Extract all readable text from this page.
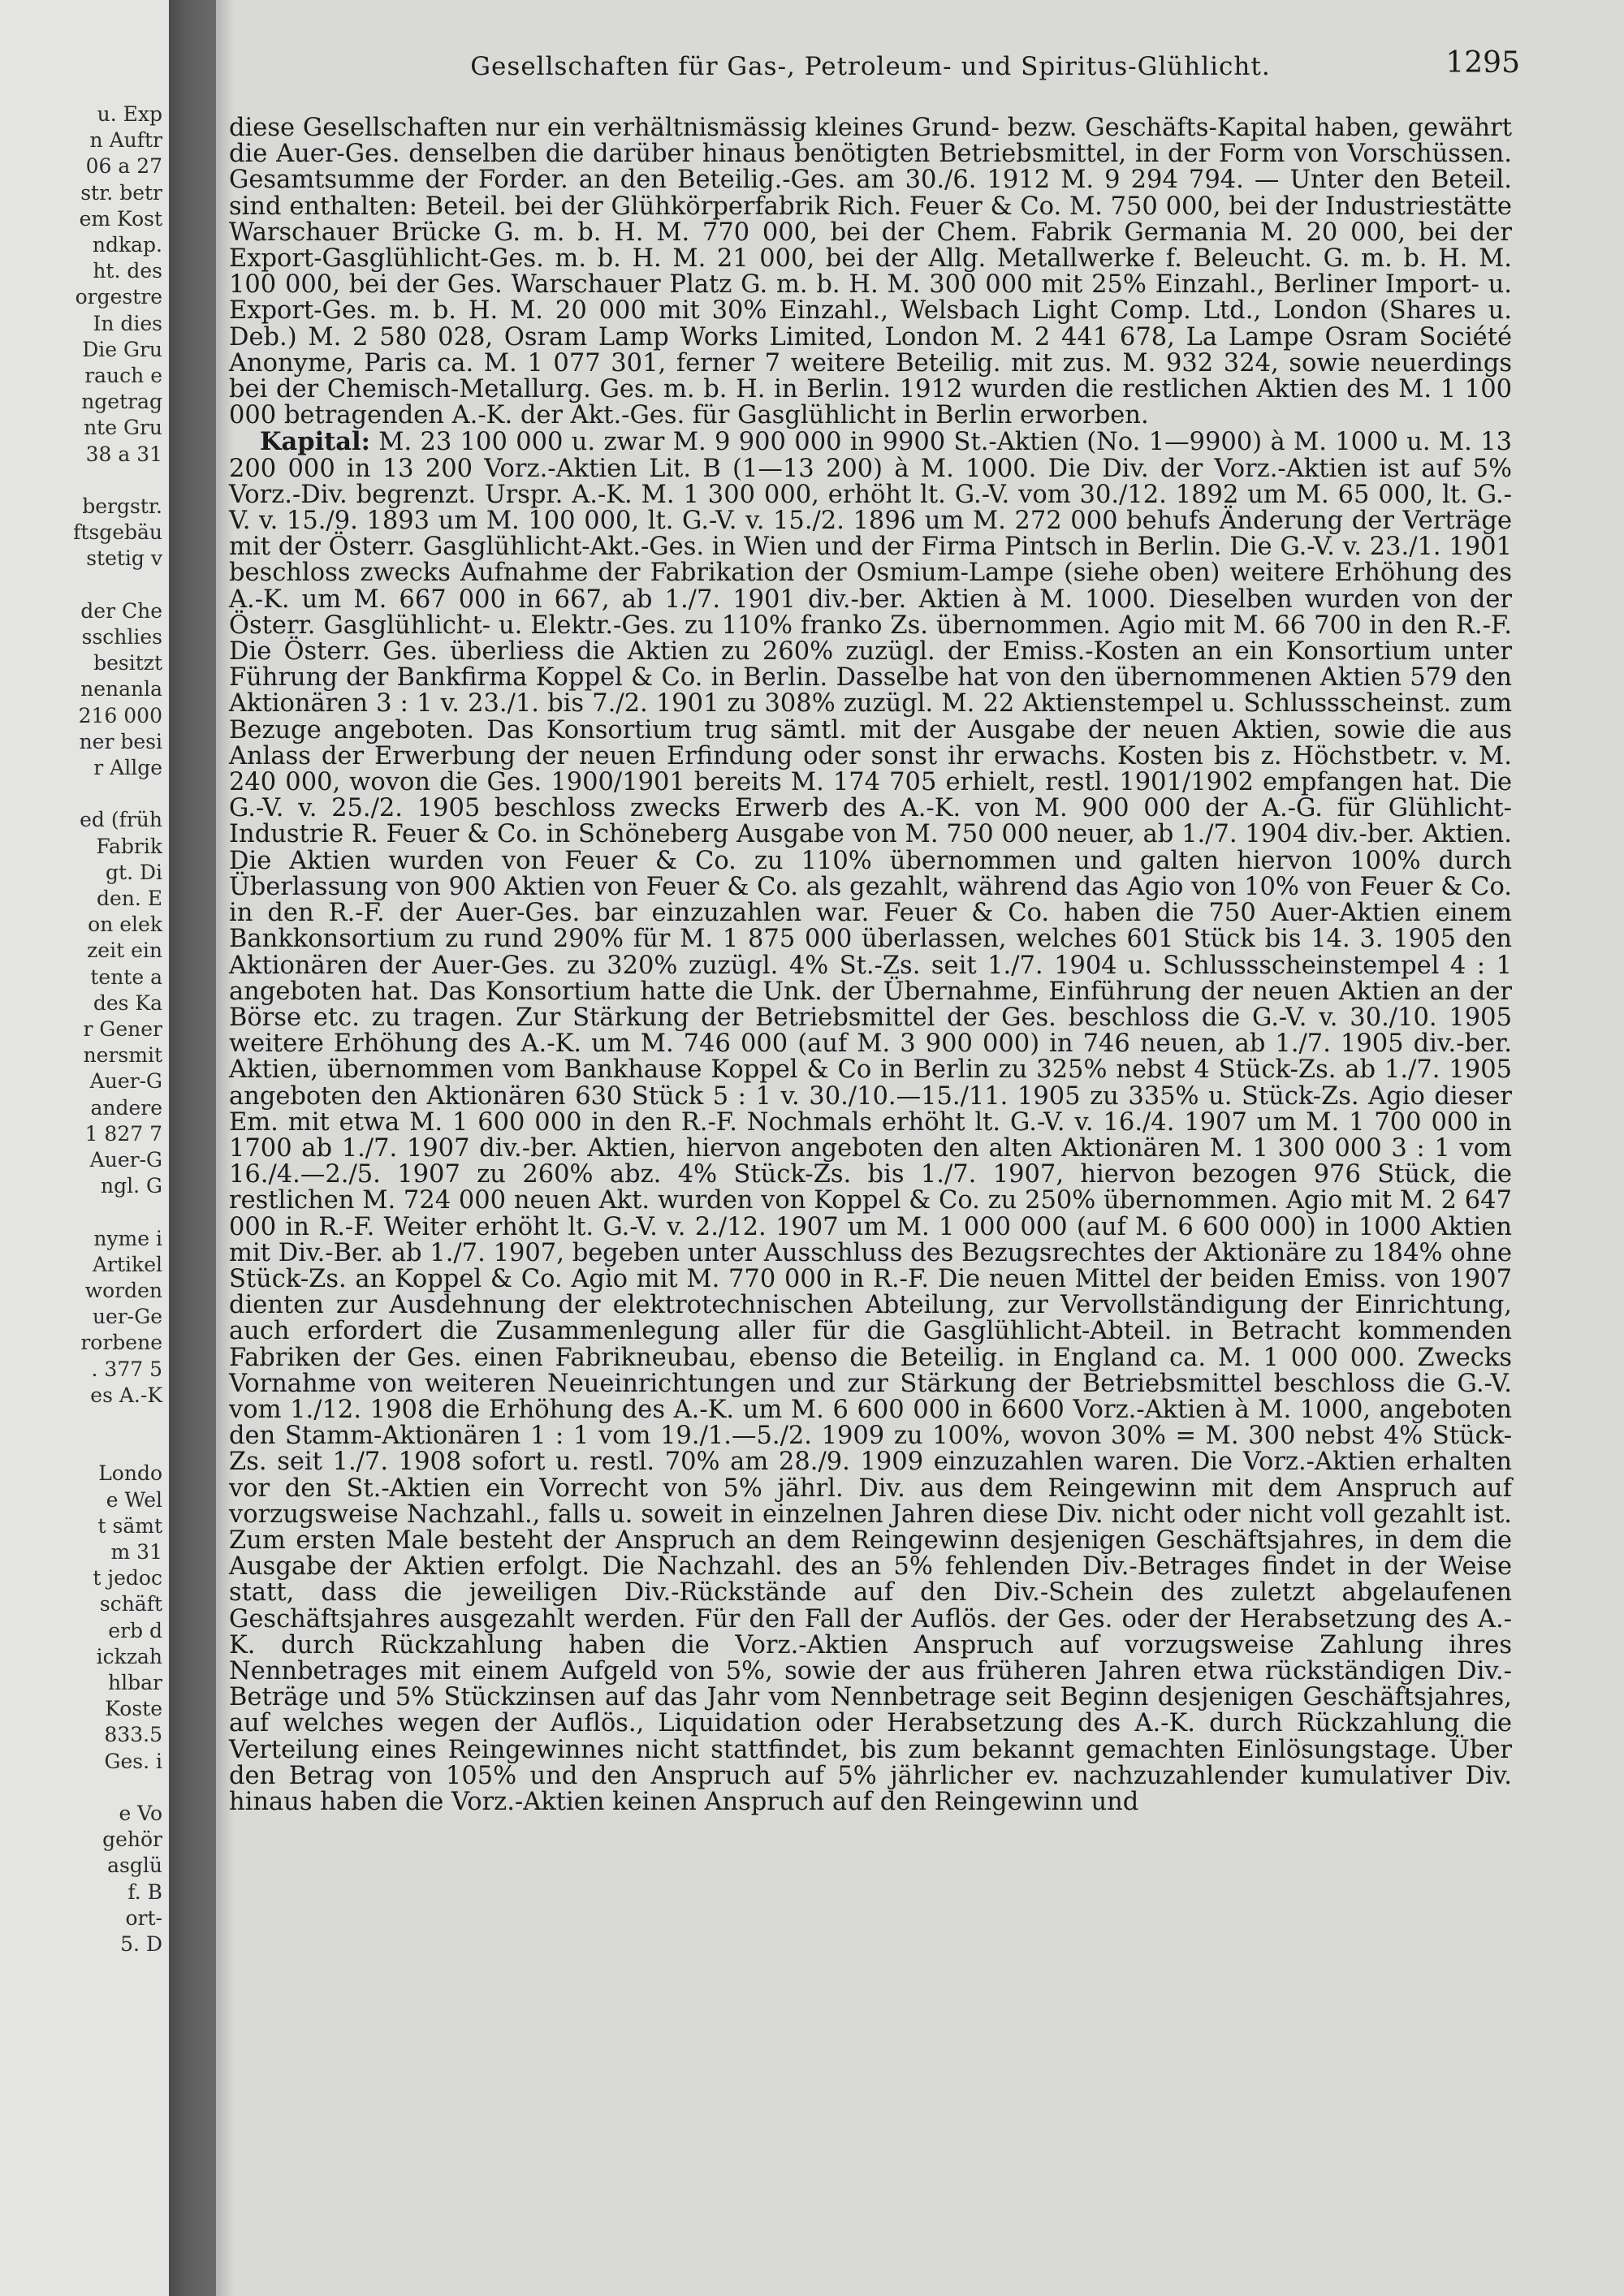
u. Exp
n Auftr
06 a 27
str. betr
em Kost
ndkap.
ht. des
orgestre
In dies
Die Gru
rauch e
ngetrag
nte Gru
38 a 31
bergstr.
ftsgebäu
stetig v
der Che
sschlies
besitzt
nenanla
216 000
ner besi
r Allge
ed (früh
Fabrik
gt. Di
den. E
on elek
zeit ein
tente a
des Ka
r Gener
nersmit
Auer-G
andere
1 827 7
Auer-G
ngl. G
nyme i
Artikel
worden
uer-Ge
rorbene
. 377 5
es A.-K
Londo
e Wel
t sämt
m 31
t jedoc
schäft
erb d
ickzah
hlbar
Koste
833.5
Ges. i
e Vo
gehör
asglü
f. B
ort-
5. D
Gesellschaften für Gas-, Petroleum- und Spiritus-Glühlicht.	1295

diese Gesellschaften nur ein verhältnismässig kleines Grund- bezw. Geschäfts-Kapital haben, gewährt die Auer-Ges. denselben die darüber hinaus benötigten Betriebsmittel, in der Form von Vorschüssen. Gesamtsumme der Forder. an den Beteilig.-Ges. am 30./6. 1912 M. 9 294 794. — Unter den Beteil. sind enthalten: Beteil. bei der Glühkörperfabrik Rich. Feuer & Co. M. 750 000, bei der Industriestätte Warschauer Brücke G. m. b. H. M. 770 000, bei der Chem. Fabrik Germania M. 20 000, bei der Export-Gasglühlicht-Ges. m. b. H. M. 21 000, bei der Allg. Metallwerke f. Beleucht. G. m. b. H. M. 100 000, bei der Ges. Warschauer Platz G. m. b. H. M. 300 000 mit 25% Einzahl., Berliner Import- u. Export-Ges. m. b. H. M. 20 000 mit 30% Einzahl., Welsbach Light Comp. Ltd., London (Shares u. Deb.) M. 2 580 028, Osram Lamp Works Limited, London M. 2 441 678, La Lampe Osram Société Anonyme, Paris ca. M. 1 077 301, ferner 7 weitere Beteilig. mit zus. M. 932 324, sowie neuerdings bei der Chemisch-Metallurg. Ges. m. b. H. in Berlin. 1912 wurden die restlichen Aktien des M. 1 100 000 betragenden A.-K. der Akt.-Ges. für Gasglühlicht in Berlin erworben.

Kapital: M. 23 100 000 u. zwar M. 9 900 000 in 9900 St.-Aktien (No. 1—9900) à M. 1000 u. M. 13 200 000 in 13 200 Vorz.-Aktien Lit. B (1—13 200) à M. 1000. Die Div. der Vorz.-Aktien ist auf 5% Vorz.-Div. begrenzt. Urspr. A.-K. M. 1 300 000, erhöht lt. G.-V. vom 30./12. 1892 um M. 65 000, lt. G.-V. v. 15./9. 1893 um M. 100 000, lt. G.-V. v. 15./2. 1896 um M. 272 000 behufs Änderung der Verträge mit der Österr. Gasglühlicht-Akt.-Ges. in Wien und der Firma Pintsch in Berlin. Die G.-V. v. 23./1. 1901 beschloss zwecks Aufnahme der Fabrikation der Osmium-Lampe (siehe oben) weitere Erhöhung des A.-K. um M. 667 000 in 667, ab 1./7. 1901 div.-ber. Aktien à M. 1000. Dieselben wurden von der Österr. Gasglühlicht- u. Elektr.-Ges. zu 110% franko Zs. übernommen. Agio mit M. 66 700 in den R.-F. Die Österr. Ges. überliess die Aktien zu 260% zuzügl. der Emiss.-Kosten an ein Konsortium unter Führung der Bankfirma Koppel & Co. in Berlin. Dasselbe hat von den übernommenen Aktien 579 den Aktionären 3 : 1 v. 23./1. bis 7./2. 1901 zu 308% zuzügl. M. 22 Aktienstempel u. Schlussscheinst. zum Bezuge angeboten. Das Konsortium trug sämtl. mit der Ausgabe der neuen Aktien, sowie die aus Anlass der Erwerbung der neuen Erfindung oder sonst ihr erwachs. Kosten bis z. Höchstbetr. v. M. 240 000, wovon die Ges. 1900/1901 bereits M. 174 705 erhielt, restl. 1901/1902 empfangen hat. Die G.-V. v. 25./2. 1905 beschloss zwecks Erwerb des A.-K. von M. 900 000 der A.-G. für Glühlicht-Industrie R. Feuer & Co. in Schöneberg Ausgabe von M. 750 000 neuer, ab 1./7. 1904 div.-ber. Aktien. Die Aktien wurden von Feuer & Co. zu 110% übernommen und galten hiervon 100% durch Überlassung von 900 Aktien von Feuer & Co. als gezahlt, während das Agio von 10% von Feuer & Co. in den R.-F. der Auer-Ges. bar einzuzahlen war. Feuer & Co. haben die 750 Auer-Aktien einem Bankkonsortium zu rund 290% für M. 1 875 000 überlassen, welches 601 Stück bis 14. 3. 1905 den Aktionären der Auer-Ges. zu 320% zuzügl. 4% St.-Zs. seit 1./7. 1904 u. Schlussscheinstempel 4 : 1 angeboten hat. Das Konsortium hatte die Unk. der Übernahme, Einführung der neuen Aktien an der Börse etc. zu tragen. Zur Stärkung der Betriebsmittel der Ges. beschloss die G.-V. v. 30./10. 1905 weitere Erhöhung des A.-K. um M. 746 000 (auf M. 3 900 000) in 746 neuen, ab 1./7. 1905 div.-ber. Aktien, übernommen vom Bankhause Koppel & Co in Berlin zu 325% nebst 4 Stück-Zs. ab 1./7. 1905 angeboten den Aktionären 630 Stück 5 : 1 v. 30./10.—15./11. 1905 zu 335% u. Stück-Zs. Agio dieser Em. mit etwa M. 1 600 000 in den R.-F. Nochmals erhöht lt. G.-V. v. 16./4. 1907 um M. 1 700 000 in 1700 ab 1./7. 1907 div.-ber. Aktien, hiervon angeboten den alten Aktionären M. 1 300 000 3 : 1 vom 16./4.—2./5. 1907 zu 260% abz. 4% Stück-Zs. bis 1./7. 1907, hiervon bezogen 976 Stück, die restlichen M. 724 000 neuen Akt. wurden von Koppel & Co. zu 250% übernommen. Agio mit M. 2 647 000 in R.-F. Weiter erhöht lt. G.-V. v. 2./12. 1907 um M. 1 000 000 (auf M. 6 600 000) in 1000 Aktien mit Div.-Ber. ab 1./7. 1907, begeben unter Ausschluss des Bezugsrechtes der Aktionäre zu 184% ohne Stück-Zs. an Koppel & Co. Agio mit M. 770 000 in R.-F. Die neuen Mittel der beiden Emiss. von 1907 dienten zur Ausdehnung der elektrotechnischen Abteilung, zur Vervollständigung der Einrichtung, auch erfordert die Zusammenlegung aller für die Gasglühlicht-Abteil. in Betracht kommenden Fabriken der Ges. einen Fabrikneubau, ebenso die Beteilig. in England ca. M. 1 000 000. Zwecks Vornahme von weiteren Neueinrichtungen und zur Stärkung der Betriebsmittel beschloss die G.-V. vom 1./12. 1908 die Erhöhung des A.-K. um M. 6 600 000 in 6600 Vorz.-Aktien à M. 1000, angeboten den Stamm-Aktionären 1 : 1 vom 19./1.—5./2. 1909 zu 100%, wovon 30% = M. 300 nebst 4% Stück-Zs. seit 1./7. 1908 sofort u. restl. 70% am 28./9. 1909 einzuzahlen waren. Die Vorz.-Aktien erhalten vor den St.-Aktien ein Vorrecht von 5% jährl. Div. aus dem Reingewinn mit dem Anspruch auf vorzugsweise Nachzahl., falls u. soweit in einzelnen Jahren diese Div. nicht oder nicht voll gezahlt ist. Zum ersten Male besteht der Anspruch an dem Reingewinn desjenigen Geschäftsjahres, in dem die Ausgabe der Aktien erfolgt. Die Nachzahl. des an 5% fehlenden Div.-Betrages findet in der Weise statt, dass die jeweiligen Div.-Rückstände auf den Div.-Schein des zuletzt abgelaufenen Geschäftsjahres ausgezahlt werden. Für den Fall der Auflös. der Ges. oder der Herabsetzung des A.-K. durch Rückzahlung haben die Vorz.-Aktien Anspruch auf vorzugsweise Zahlung ihres Nennbetrages mit einem Aufgeld von 5%, sowie der aus früheren Jahren etwa rückständigen Div.-Beträge und 5% Stückzinsen auf das Jahr vom Nennbetrage seit Beginn desjenigen Geschäftsjahres, auf welches wegen der Auflös., Liquidation oder Herabsetzung des A.-K. durch Rückzahlung die Verteilung eines Reingewinnes nicht stattfindet, bis zum bekannt gemachten Einlösungstage. Über den Betrag von 105% und den Anspruch auf 5% jährlicher ev. nachzuzahlender kumulativer Div. hinaus haben die Vorz.-Aktien keinen Anspruch auf den Reingewinn und
